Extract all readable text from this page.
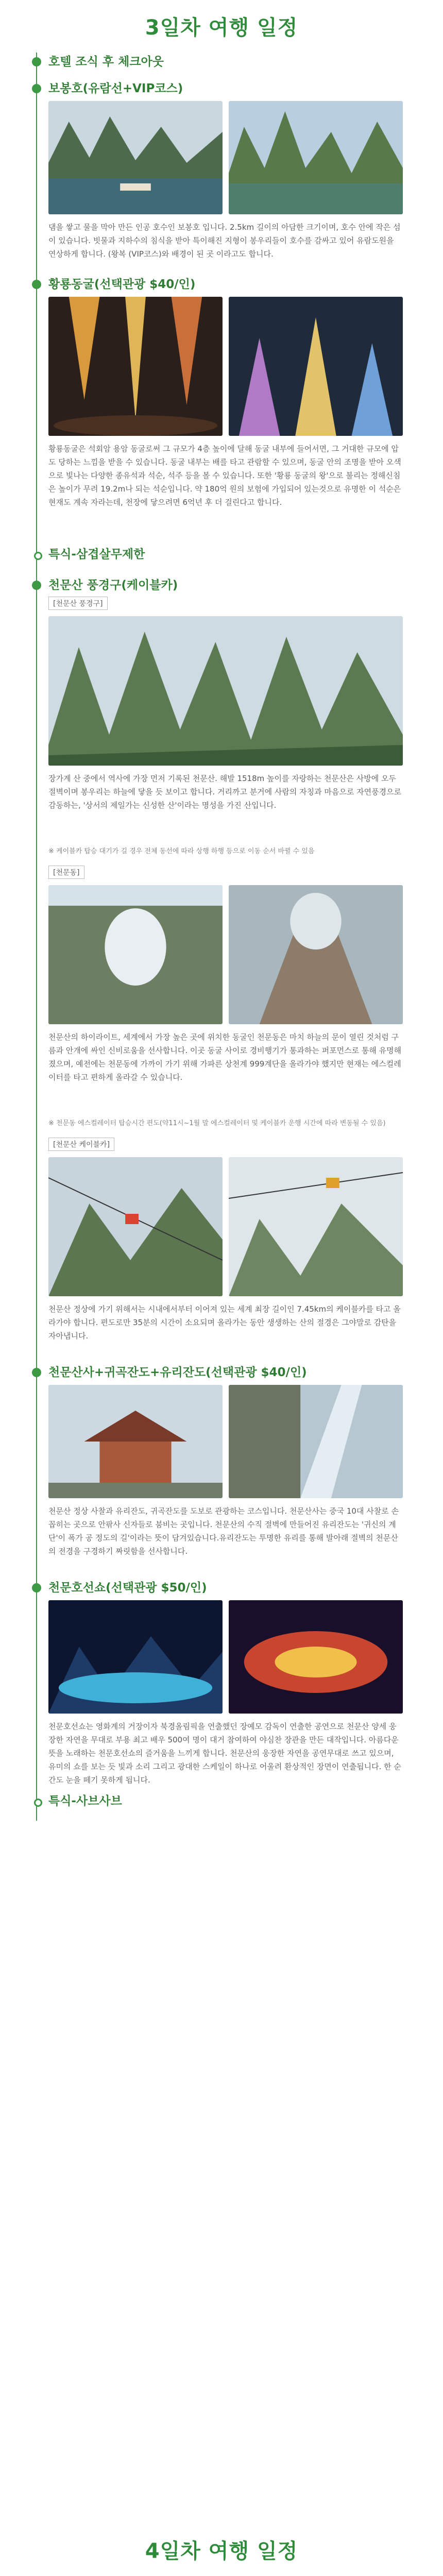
3일차 여행 일정
호텔 조식 후 체크아웃
보봉호(유람선+VIP코스)

댐을 쌓고 물을 막아 만든 인공 호수인 보봉호 입니다. 2.5km 길이의 아담한 크기이며, 호수 안에 작은 섬이 있습니다. 빗물과 지하수의 침식을 받아 특이해진 지형이 봉우리들이 호수를 감싸고 있어 유람도원을 연상하게 합니다. (왕복 (VIP코스)와 배경이 된 곳 이라고도 합니다.

황룡동굴(선택관광 $40/인)

황룡동굴은 석회암 용암 동굴로써 그 규모가 4층 높이에 달해 동굴 내부에 들어서면, 그 거대한 규모에 압도 당하는 느낌을 받을 수 있습니다. 동굴 내부는 배를 타고 관람할 수 있으며, 동굴 안의 조명을 받아 오색으로 빛나는 다양한 종유석과 석순, 석주 등을 볼 수 있습니다. 또한 '황룡 동굴의 왕'으로 불리는 정해신침은 높이가 무려 19.2m나 되는 석순입니다. 약 180억 원의 보험에 가입되어 있는것으로 유명한 이 석순은 현재도 계속 자라는데, 천장에 닿으려면 6억년 후 더 걸린다고 합니다.

특식-삼겹살무제한
천문산 풍경구(케이블카)
[천문산 풍경구]

장가계 산 중에서 역사에 가장 먼저 기록된 천문산. 해발 1518m 높이를 자랑하는 천문산은 사방에 오두 절벽이며 봉우리는 하늘에 닿을 듯 보이고 합니다. 거리까고 분거에 사람의 자칭과 마음으로 자연풍경으로 감동하는, '상서의 제일가는 신성한 산'이라는 명성을 가진 산입니다.

※ 케이블카 탑승 대기가 길 경우 전체 동선에 따라 상행 하행 등으로 이동 순서 바뀔 수 있음

[천문동]

천문산의 하이라이트, 세계에서 가장 높은 곳에 위치한 동굴인 천문동은 마치 하늘의 문이 열린 것처럼 구름과 안개에 싸인 신비로움을 선사합니다. 이곳 동굴 사이로 경비행기가 통과하는 퍼포먼스로 통해 유명해졌으며, 예전에는 천문동에 가까이 가기 위해 가파른 상천계 999계단을 올라가야 했지만 현재는 에스컬레이터를 타고 편하게 올라갈 수 있습니다.

※ 천문동 에스컬레이터 탑승시간 편도(약11시~1월 말 에스컬레이터 및 케이블카 운행 시간에 따라 변동될 수 있음)

[천문산 케이블카]

천문산 정상에 가기 위해서는 시내에서부터 이어져 있는 세계 최장 길이인 7.45km의 케이블카를 타고 올라가야 합니다. 편도로만 35분의 시간이 소요되며 올라가는 동안 생생하는 산의 절경은 그야말로 감탄을 자아냅니다.

천문산사+귀곡잔도+유리잔도(선택관광 $40/인)

천문산 정상 사찰과 유리잔도, 귀곡잔도를 도보로 관광하는 코스입니다. 천문산사는 중국 10대 사찰로 손꼽히는 곳으로 안팎사 신자들로 붐비는 곳입니다. 천문산의 수직 절벽에 만들어진 유리잔도는 '귀신의 계단'이 폭가 공 정도의 길'이라는 뜻이 담겨있습니다.유리잔도는 투명한 유리를 통해 발아래 절벽의 천문산의 전경을 구경하기 짜릿함을 선사합니다.

천문호선쇼(선택관광 $50/인)

천문호선쇼는 영화계의 거장이자 북경올림픽을 연출했던 장예모 감독이 연출한 공연으로 천문산 양세 웅장한 자연을 무대로 부용 최고 배우 500여 명이 대거 참여하여 야심찬 장관을 만든 대작입니다. 아름다운 뜻을 노래하는 천문호선쇼의 즐거움을 느끼게 합니다. 천문산의 웅장한 자연을 공연무대로 쓰고 있으며, 유미의 쇼를 보는 듯 빛과 소리 그리고 광대한 스케일이 하나로 어울려 환상적인 장면이 연출됩니다. 한 순간도 눈을 떼기 못하게 됩니다.

특식-사브사브
4일차 여행 일정
